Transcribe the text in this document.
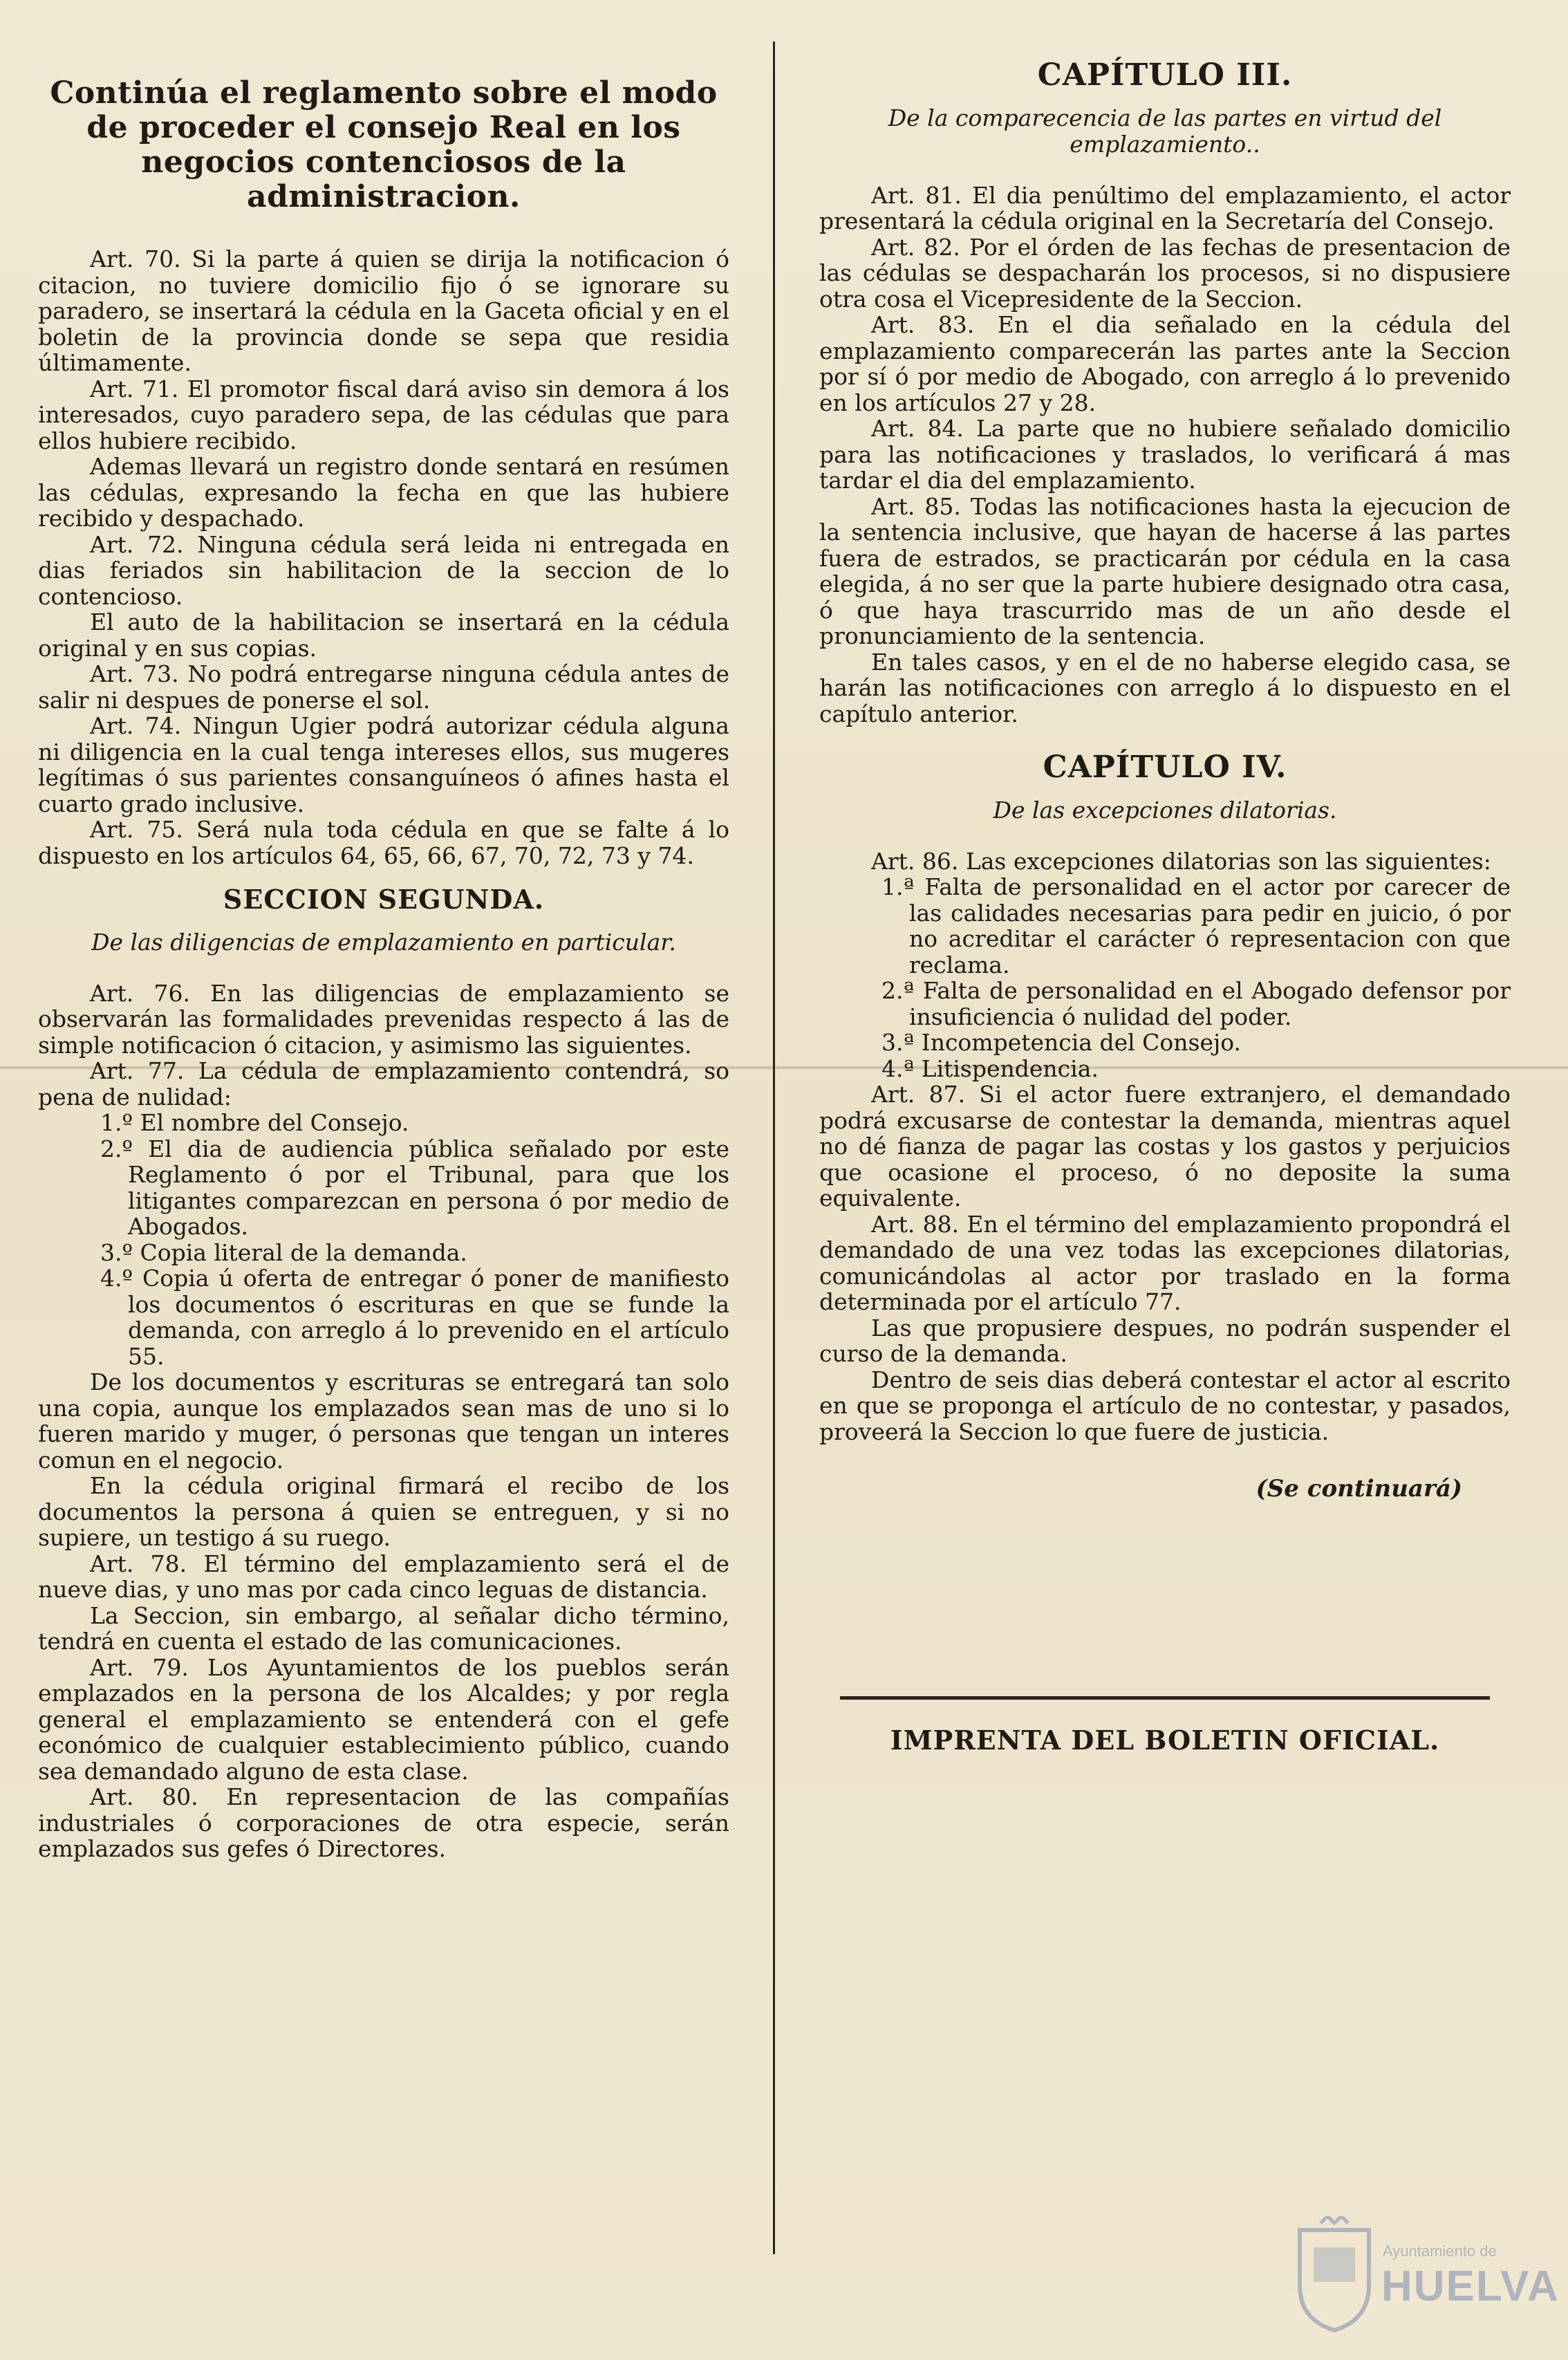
Continúa el reglamento sobre el modo de proceder el consejo Real en los negocios contenciosos de la administracion.

Art. 70. Si la parte á quien se dirija la notificacion ó citacion, no tuviere domicilio fijo ó se ignorare su paradero, se insertará la cédula en la Gaceta oficial y en el boletin de la provincia donde se sepa que residia últimamente.

Art. 71. El promotor fiscal dará aviso sin demora á los interesados, cuyo paradero sepa, de las cédulas que para ellos hubiere recibido.

Ademas llevará un registro donde sentará en resúmen las cédulas, expresando la fecha en que las hubiere recibido y despachado.

Art. 72. Ninguna cédula será leida ni entregada en dias feriados sin habilitacion de la seccion de lo contencioso.

El auto de la habilitacion se insertará en la cédula original y en sus copias.

Art. 73. No podrá entregarse ninguna cédula antes de salir ni despues de ponerse el sol.

Art. 74. Ningun Ugier podrá autorizar cédula alguna ni diligencia en la cual tenga intereses ellos, sus mugeres legítimas ó sus parientes consanguíneos ó afines hasta el cuarto grado inclusive.

Art. 75. Será nula toda cédula en que se falte á lo dispuesto en los artículos 64, 65, 66, 67, 70, 72, 73 y 74.

SECCION SEGUNDA.

De las diligencias de emplazamiento en particular.

Art. 76. En las diligencias de emplazamiento se observarán las formalidades prevenidas respecto á las de simple notificacion ó citacion, y asimismo las siguientes.

Art. 77. La cédula de emplazamiento contendrá, so pena de nulidad:

1.º El nombre del Consejo.

2.º El dia de audiencia pública señalado por este Reglamento ó por el Tribunal, para que los litigantes comparezcan en persona ó por medio de Abogados.

3.º Copia literal de la demanda.

4.º Copia ú oferta de entregar ó poner de manifiesto los documentos ó escrituras en que se funde la demanda, con arreglo á lo prevenido en el artículo 55.

De los documentos y escrituras se entregará tan solo una copia, aunque los emplazados sean mas de uno si lo fueren marido y muger, ó personas que tengan un interes comun en el negocio.

En la cédula original firmará el recibo de los documentos la persona á quien se entreguen, y si no supiere, un testigo á su ruego.

Art. 78. El término del emplazamiento será el de nueve dias, y uno mas por cada cinco leguas de distancia.

La Seccion, sin embargo, al señalar dicho término, tendrá en cuenta el estado de las comunicaciones.

Art. 79. Los Ayuntamientos de los pueblos serán emplazados en la persona de los Alcaldes; y por regla general el emplazamiento se entenderá con el gefe económico de cualquier establecimiento público, cuando sea demandado alguno de esta clase.

Art. 80. En representacion de las compañías industriales ó corporaciones de otra especie, serán emplazados sus gefes ó Directores.

CAPÍTULO III.

De la comparecencia de las partes en virtud del emplazamiento..

Art. 81. El dia penúltimo del emplazamiento, el actor presentará la cédula original en la Secretaría del Consejo.

Art. 82. Por el órden de las fechas de presentacion de las cédulas se despacharán los procesos, si no dispusiere otra cosa el Vicepresidente de la Seccion.

Art. 83. En el dia señalado en la cédula del emplazamiento comparecerán las partes ante la Seccion por sí ó por medio de Abogado, con arreglo á lo prevenido en los artículos 27 y 28.

Art. 84. La parte que no hubiere señalado domicilio para las notificaciones y traslados, lo verificará á mas tardar el dia del emplazamiento.

Art. 85. Todas las notificaciones hasta la ejecucion de la sentencia inclusive, que hayan de hacerse á las partes fuera de estrados, se practicarán por cédula en la casa elegida, á no ser que la parte hubiere designado otra casa, ó que haya trascurrido mas de un año desde el pronunciamiento de la sentencia.

En tales casos, y en el de no haberse elegido casa, se harán las notificaciones con arreglo á lo dispuesto en el capítulo anterior.

CAPÍTULO IV.

De las excepciones dilatorias.

Art. 86. Las excepciones dilatorias son las siguientes:

1.ª Falta de personalidad en el actor por carecer de las calidades necesarias para pedir en juicio, ó por no acreditar el carácter ó representacion con que reclama.

2.ª Falta de personalidad en el Abogado defensor por insuficiencia ó nulidad del poder.

3.ª Incompetencia del Consejo.

4.ª Litispendencia.

Art. 87. Si el actor fuere extranjero, el demandado podrá excusarse de contestar la demanda, mientras aquel no dé fianza de pagar las costas y los gastos y perjuicios que ocasione el proceso, ó no deposite la suma equivalente.

Art. 88. En el término del emplazamiento propondrá el demandado de una vez todas las excepciones dilatorias, comunicándolas al actor por traslado en la forma determinada por el artículo 77.

Las que propusiere despues, no podrán suspender el curso de la demanda.

Dentro de seis dias deberá contestar el actor al escrito en que se proponga el artículo de no contestar, y pasados, proveerá la Seccion lo que fuere de justicia.

(Se continuará)

IMPRENTA DEL BOLETIN OFICIAL.
Ayuntamiento de
HUELVA
